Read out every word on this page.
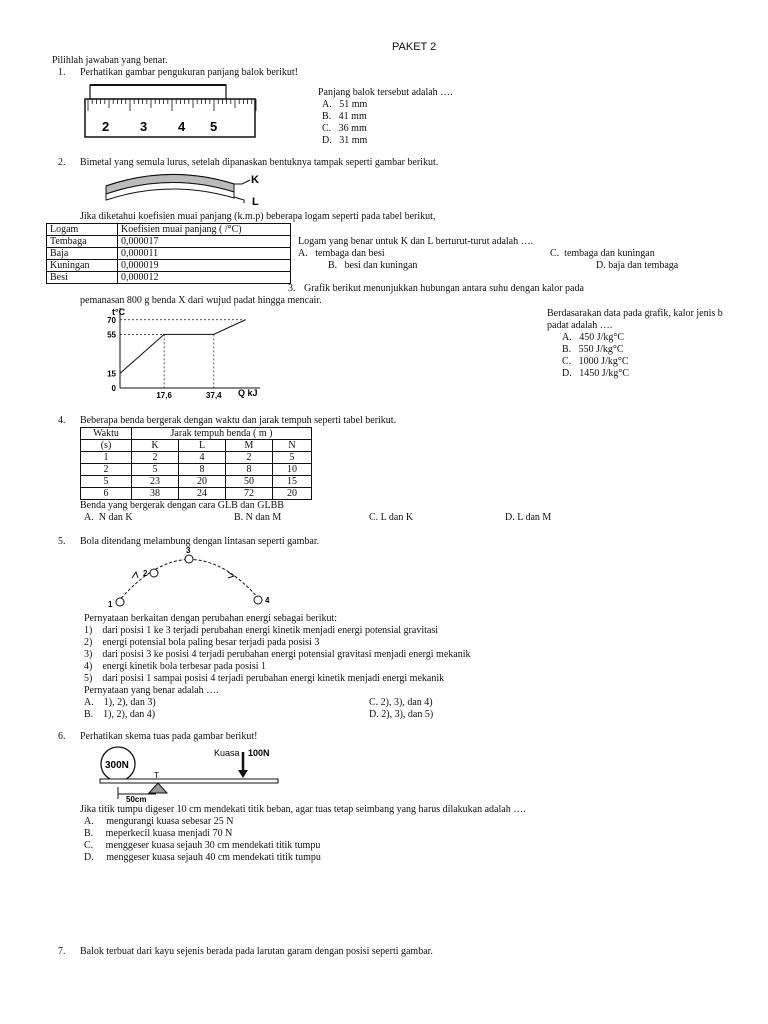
PAKET 2
Pilihlah jawaban yang benar.
1. Perhatikan gambar pengukuran panjang balok berikut!
2 3 4 5
Panjang balok tersebut adalah ….
A. 51 mm
B. 41 mm
C. 36 mm
D. 31 mm
2. Bimetal yang semula lurus, setelah dipanaskan bentuknya tampak seperti gambar berikut.
K
L
Jika diketahui koefisien muai panjang (k.m.p) beberapa logam seperti pada tabel berikut,
Logam	Koefisien muai panjang ( /°C)
Tembaga	0,000017
Baja	0,000011
Kuningan	0,000019
Besi	0,000012
Logam yang benar untuk K dan L berturut-turut adalah ….
A. tembaga dan besi
B. besi dan kuningan
C. tembaga dan kuningan
D. baja dan tembaga
3. Grafik berikut menunjukkan hubungan antara suhu dengan kalor pada
pemanasan 800 g benda X dari wujud padat hingga mencair.
70
55
15
0
17,6	37,4
t°C
Q kJ
Berdasarakan data pada grafik, kalor jenis b
padat adalah ….
A. 450 J/kg°C
B. 550 J/kg°C
C. 1000 J/kg°C
D. 1450 J/kg°C
4. Beberapa benda bergerak dengan waktu dan jarak tempuh seperti tabel berikut.
Waktu	Jarak tempuh benda ( m )			
(s)	K	L	M	N
1	2	4	2	5
2	5	8	8	10
5	23	20	50	15
6	38	24	72	20
Benda yang bergerak dengan cara GLB dan GLBB
A. N dan K	B. N dan M	C. L dan K	D. L dan M
5. Bola ditendang melambung dengan lintasan seperti gambar.
1
2
3
4
Pernyataan berkaitan dengan perubahan energi sebagai berikut:
1) dari posisi 1 ke 3 terjadi perubahan energi kinetik menjadi energi potensial gravitasi
2) energi potensial bola paling besar terjadi pada posisi 3
3) dari posisi 3 ke posisi 4 terjadi perubahan energi potensial gravitasi menjadi energi mekanik
4) energi kinetik bola terbesar pada posisi 1
5) dari posisi 1 sampai posisi 4 terjadi perubahan energi kinetik menjadi energi mekanik
Pernyataan yang benar adalah ….
A. 1), 2), dan 3)
B. 1), 2), dan 4)
C. 2), 3), dan 4)
D. 2), 3), dan 5)
6. Perhatikan skema tuas pada gambar berikut!
300N
T
Kuasa 100N
50cm
Jika titik tumpu digeser 10 cm mendekati titik beban, agar tuas tetap seimbang yang harus dilakukan adalah ….
A. mengurangi kuasa sebesar 25 N
B. meperkecil kuasa menjadi 70 N
C. menggeser kuasa sejauh 30 cm mendekati titik tumpu
D. menggeser kuasa sejauh 40 cm mendekati titik tumpu
7. Balok terbuat dari kayu sejenis berada pada larutan garam dengan posisi seperti gambar.
